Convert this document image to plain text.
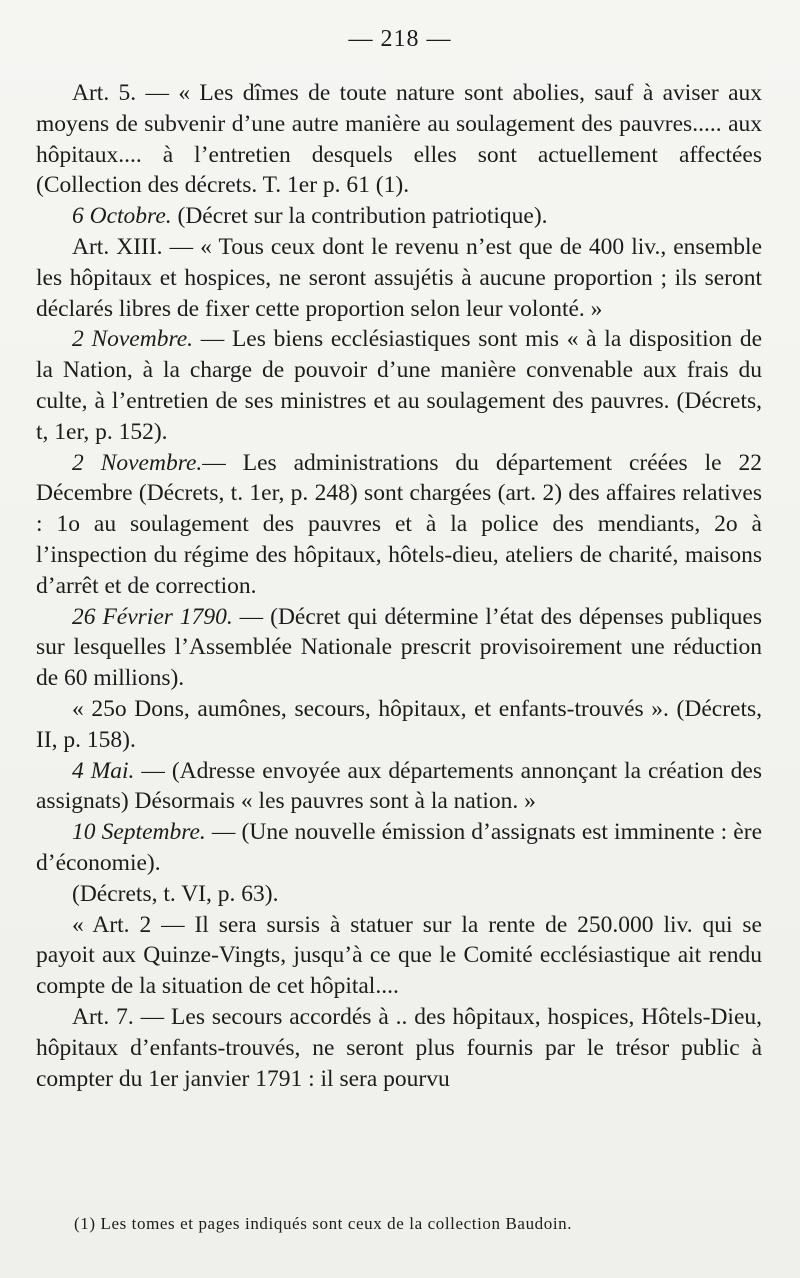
— 218 —

Art. 5. — « Les dîmes de toute nature sont abolies, sauf à aviser aux moyens de subvenir d’une autre manière au soulagement des pauvres..... aux hôpitaux.... à l’entretien desquels elles sont actuellement affectées (Collection des décrets. T. 1er p. 61 (1).

6 Octobre. (Décret sur la contribution patriotique).

Art. XIII. — « Tous ceux dont le revenu n’est que de 400 liv., ensemble les hôpitaux et hospices, ne seront assujétis à aucune proportion ; ils seront déclarés libres de fixer cette proportion selon leur volonté. »

2 Novembre. — Les biens ecclésiastiques sont mis « à la disposition de la Nation, à la charge de pouvoir d’une manière convenable aux frais du culte, à l’entretien de ses ministres et au soulagement des pauvres. (Décrets, t, 1er, p. 152).

2 Novembre.— Les administrations du département créées le 22 Décembre (Décrets, t. 1er, p. 248) sont chargées (art. 2) des affaires relatives : 1o au soulagement des pauvres et à la police des mendiants, 2o à l’inspection du régime des hôpitaux, hôtels-dieu, ateliers de charité, maisons d’arrêt et de correction.

26 Février 1790. — (Décret qui détermine l’état des dépenses publiques sur lesquelles l’Assemblée Nationale prescrit provisoirement une réduction de 60 millions).

« 25o Dons, aumônes, secours, hôpitaux, et enfants-trouvés ». (Décrets, II, p. 158).

4 Mai. — (Adresse envoyée aux départements annonçant la création des assignats) Désormais « les pauvres sont à la nation. »

10 Septembre. — (Une nouvelle émission d’assignats est imminente : ère d’économie).

(Décrets, t. VI, p. 63).

« Art. 2 — Il sera sursis à statuer sur la rente de 250.000 liv. qui se payoit aux Quinze-Vingts, jusqu’à ce que le Comité ecclésiastique ait rendu compte de la situation de cet hôpital....

Art. 7. — Les secours accordés à .. des hôpitaux, hospices, Hôtels-Dieu, hôpitaux d’enfants-trouvés, ne seront plus fournis par le trésor public à compter du 1er janvier 1791 : il sera pourvu

(1) Les tomes et pages indiqués sont ceux de la collection Baudoin.
